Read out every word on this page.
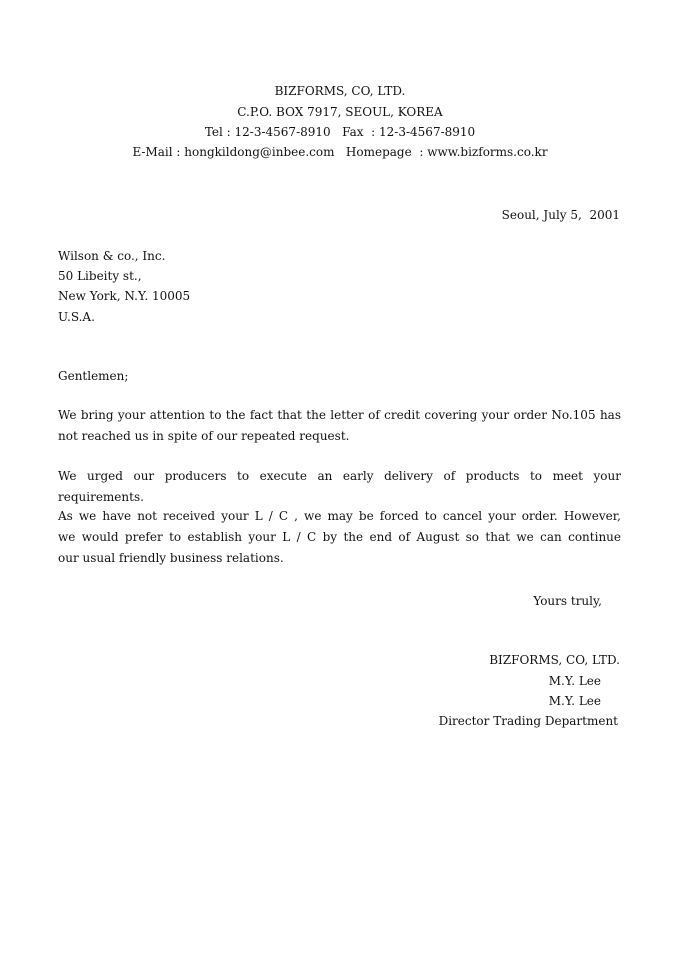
BIZFORMS, CO, LTD.
C.P.O. BOX 7917, SEOUL, KOREA
Tel : 12-3-4567-8910   Fax  : 12-3-4567-8910
E-Mail : hongkildong@inbee.com   Homepage  : www.bizforms.co.kr
Seoul, July 5,  2001
Wilson & co., Inc.
50 Libeity st.,
New York, N.Y. 10005
U.S.A.
Gentlemen;
We bring your attention to the fact that the letter of credit covering your order No.105 has
not reached us in spite of our repeated request.
We urged our producers to execute an early delivery of products to meet your requirements.
As we have not received your L / C , we may be forced to cancel your order. However,
we would prefer to establish your L / C by the end of August so that we can continue
our usual friendly business relations.
Yours truly,
BIZFORMS, CO, LTD.
M.Y. Lee
M.Y. Lee
Director Trading Department
